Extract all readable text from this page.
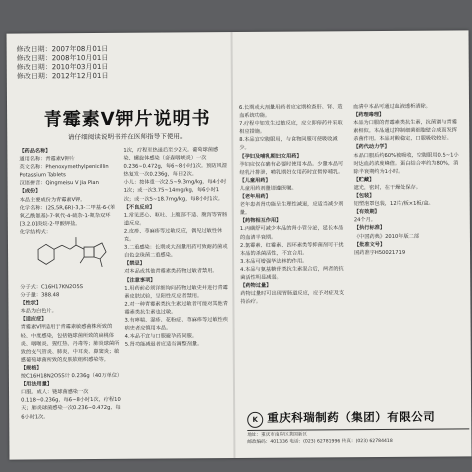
修改日期：2007年08月01日
修改日期：2008年10月01日
修改日期：2010年03月01日
修改日期：2012年12月01日
青霉素V钾片说明书
请仔细阅读说明书并在医师指导下使用。

【药品名称】

通用名称：青霉素V钾片

英文名称：Phenoxymethylpenicillin Potassium Tablets

汉语拼音：Qingmeisu V Jia Pian

【成份】

本品主要成份为青霉素V钾。

化学名称：(2S,5R,6R)-3,3-二甲基-6-(苯氧乙酰氨基)-7-氧代-4-硫杂-1-氮杂双环[3.2.0]庚烷-2-甲酸钾盐。

化学结构式：

分子式：C16H17KN2O5S

分子量：388.48

【性状】

本品为白色片。

【适应症】

青霉素V钾适用于青霉素敏感菌株所致的轻、中度感染，包括链球菌所致的扁桃体炎、咽喉炎、猩红热、丹毒等；肺炎球菌所致的支气管炎、肺炎、中耳炎、鼻窦炎；敏感葡萄球菌所致的皮肤软组织感染等。

【规格】

按C16H18N2O5S计 0.236g（40万单位）

【用法用量】

口服。成人：链球菌感染一次0.118~0.236g，每6~8小时1次，疗程10天；肺炎球菌感染一次0.236~0.472g，每6小时1次。

1次，疗程至热退后至少2天。葡萄球菌感染、螺旋体感染（奋森咽峡炎）一次0.236~0.472g，每6~8小时1次。预防风湿热复发一次0.236g，每日2次。

小儿：按体重一次2.5~9.3mg/kg，每4小时1次；或一次3.75~14mg/kg，每6小时1次；或一次5~18.7mg/kg，每8小时1次。

【不良反应】

1.常见恶心、呕吐、上腹部不适、腹泻等胃肠道反应。

2.皮疹、荨麻疹等过敏反应，偶见过敏性休克。

3.二重感染：长期或大剂量用药可致耐药菌或白色念珠菌二重感染。

【禁忌】

对本品或其他青霉素类药物过敏者禁用。

【注意事项】

1.用药前必须详细询问药物过敏史并进行青霉素皮肤试验，呈阳性反应者禁用。

2.对一种青霉素类抗生素过敏者可能对其他青霉素类抗生素也过敏。

3.有哮喘、湿疹、花粉症、荨麻疹等过敏性疾病史者应慎用本品。

4.本品不宜与口服避孕药同服。

5.肾功能减退者应适当调整剂量。

6.长期或大剂量用药者应定期检查肝、肾、造血系统功能。

7.疗程中如发生过敏反应，应立即停药并采取相应措施。

8.本品宜空腹服用，与食物同服可使吸收减少。

【孕妇及哺乳期妇女用药】

孕妇应仅在确有必要时使用本品。少量本品可经乳汁排泄，哺乳期妇女用药时宜暂停哺乳。

【儿童用药】

儿童用药剂量请遵医嘱。

【老年用药】

老年患者肾功能呈生理性减退，应适当减少剂量。

【药物相互作用】

1.丙磺舒可减少本品的肾小管分泌，延长本品的血清半衰期。

2.氯霉素、红霉素、四环素类等抑菌剂可干扰本品的杀菌活性，不宜合用。

3.本品可增强华法林的作用。

4.本品与氨基糖苷类抗生素混合后，两者的抗菌活性明显减弱。

【药物过量】

药物过量时可出现胃肠道反应，应予对症及支持治疗。

血清中本品可通过血液透析清除。

【药理毒理】

本品为口服的青霉素类抗生素，抗菌谱与青霉素相似。本品通过抑制细菌细胞壁合成而发挥杀菌作用。本品对酸稳定，口服吸收较好。

【药代动力学】

本品口服后约60%被吸收，空腹服用0.5~1小时达血药浓度峰值。蛋白结合率约为80%，消除半衰期约为1小时。

【贮藏】

遮光，密封，在干燥处保存。

【包装】

铝塑泡罩包装，12片/板×1板/盒。

【有效期】

24个月。

【执行标准】

《中国药典》2010年版二部

【批准文号】

国药准字H50021719

K 重庆科瑞制药（集团）有限公司
地址：重庆市南岸区茶园新区
邮政编码：401336 电话：(023) 62781996 传真：(023) 62784418
